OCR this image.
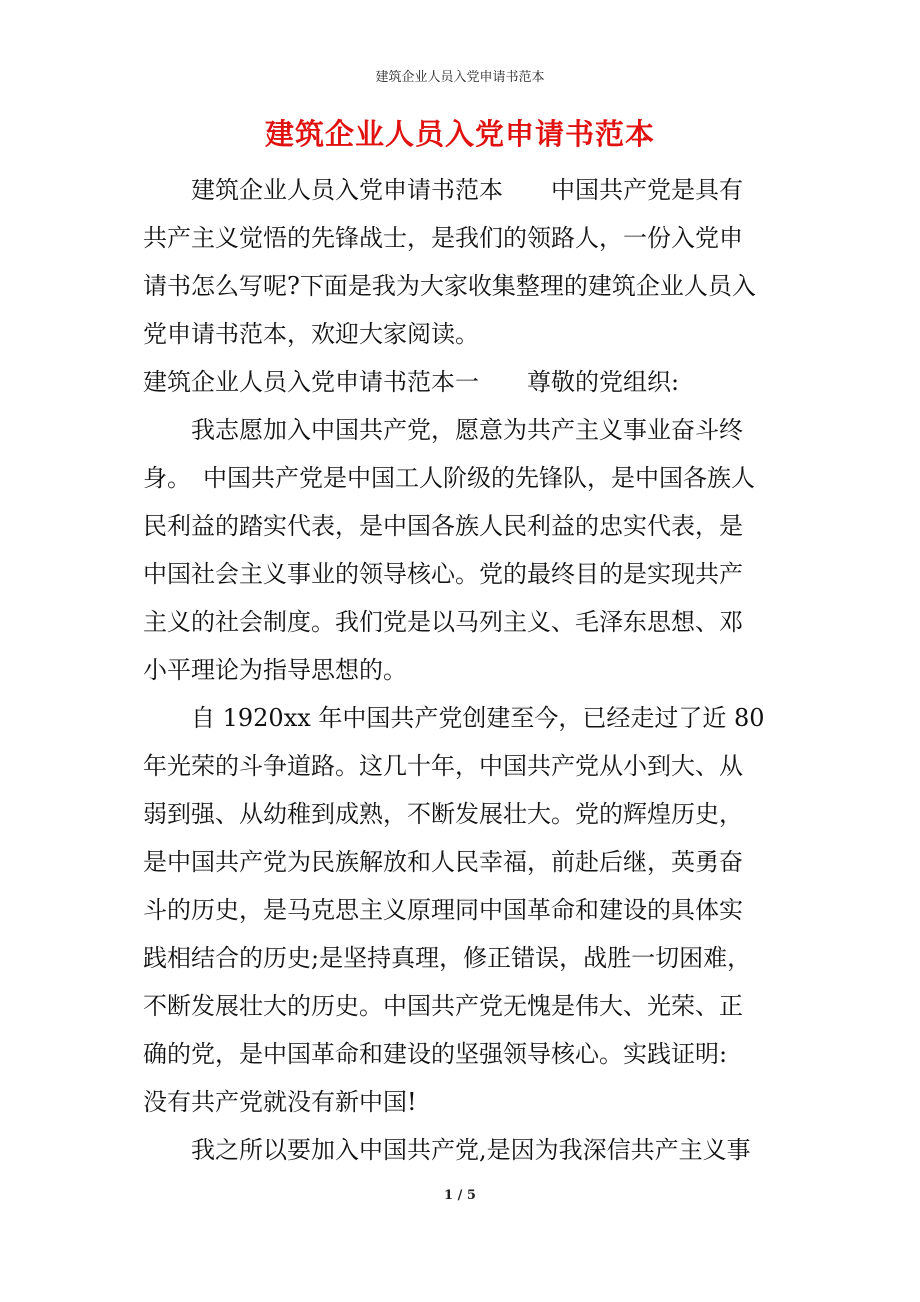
建筑企业人员入党申请书范本
建筑企业人员入党申请书范本
　　建筑企业人员入党申请书范本　　中国共产党是具有
共产主义觉悟的先锋战士，是我们的领路人，一份入党申
请书怎么写呢?下面是我为大家收集整理的建筑企业人员入
党申请书范本，欢迎大家阅读。
建筑企业人员入党申请书范本一　　尊敬的党组织:
　　我志愿加入中国共产党，愿意为共产主义事业奋斗终
身。　中国共产党是中国工人阶级的先锋队，是中国各族人
民利益的踏实代表，是中国各族人民利益的忠实代表，是
中国社会主义事业的领导核心。党的最终目的是实现共产
主义的社会制度。我们党是以马列主义、毛泽东思想、邓
小平理论为指导思想的。
　　自 1920xx 年中国共产党创建至今，已经走过了近 80
年光荣的斗争道路。这几十年，中国共产党从小到大、从
弱到强、从幼稚到成熟，不断发展壮大。党的辉煌历史，
是中国共产党为民族解放和人民幸福，前赴后继，英勇奋
斗的历史，是马克思主义原理同中国革命和建设的具体实
践相结合的历史;是坚持真理，修正错误，战胜一切困难，
不断发展壮大的历史。中国共产党无愧是伟大、光荣、正
确的党，是中国革命和建设的坚强领导核心。实践证明:
没有共产党就没有新中国!
　　我之所以要加入中国共产党,是因为我深信共产主义事
1 / 5
